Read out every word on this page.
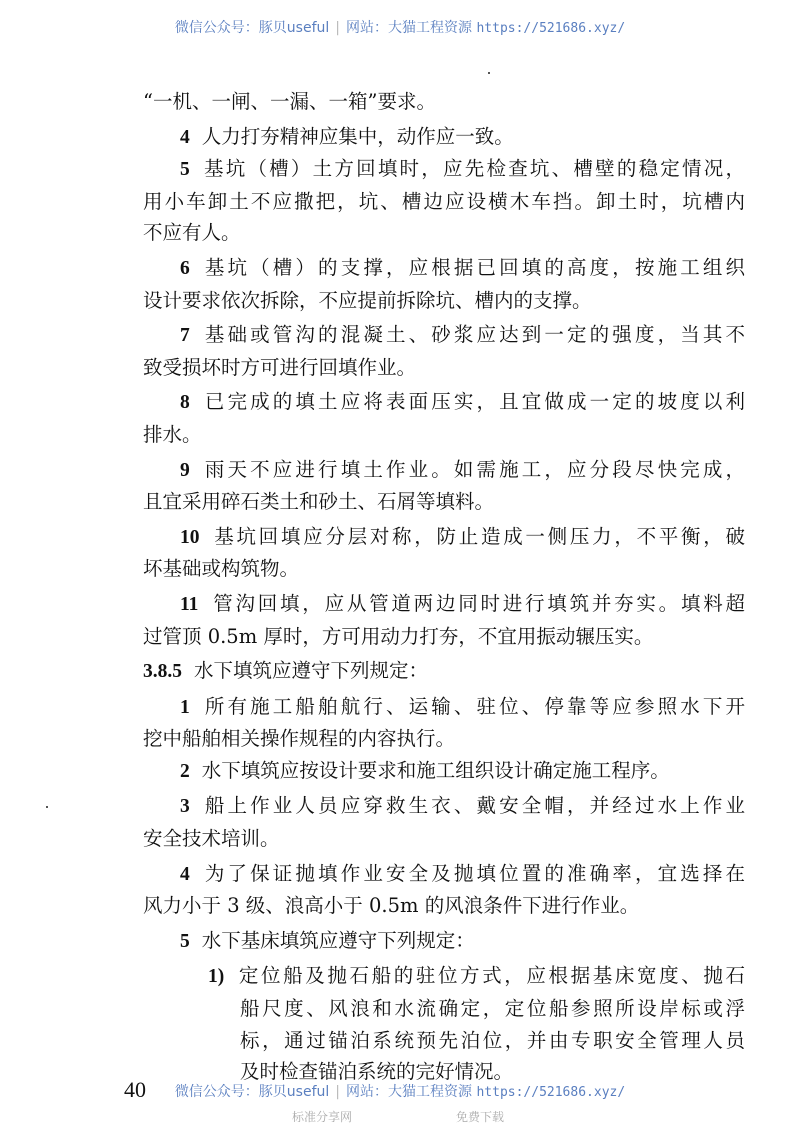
微信公众号：豚贝useful | 网站：大猫工程资源 https://521686.xyz/
“一机、一闸、一漏、一箱”要求。
4 人力打夯精神应集中，动作应一致。
5 基坑（槽）土方回填时，应先检查坑、槽壁的稳定情况，
用小车卸土不应撒把，坑、槽边应设横木车挡。卸土时，坑槽内
不应有人。
6 基坑（槽）的支撑，应根据已回填的高度，按施工组织
设计要求依次拆除，不应提前拆除坑、槽内的支撑。
7 基础或管沟的混凝土、砂浆应达到一定的强度，当其不
致受损坏时方可进行回填作业。
8 已完成的填土应将表面压实，且宜做成一定的坡度以利
排水。
9 雨天不应进行填土作业。如需施工，应分段尽快完成，
且宜采用碎石类土和砂土、石屑等填料。
10 基坑回填应分层对称，防止造成一侧压力，不平衡，破
坏基础或构筑物。
11 管沟回填，应从管道两边同时进行填筑并夯实。填料超
过管顶 0.5m 厚时，方可用动力打夯，不宜用振动辗压实。
3.8.5 水下填筑应遵守下列规定：
1 所有施工船舶航行、运输、驻位、停靠等应参照水下开
挖中船舶相关操作规程的内容执行。
2 水下填筑应按设计要求和施工组织设计确定施工程序。
3 船上作业人员应穿救生衣、戴安全帽，并经过水上作业
安全技术培训。
4 为了保证抛填作业安全及抛填位置的准确率，宜选择在
风力小于 3 级、浪高小于 0.5m 的风浪条件下进行作业。
5 水下基床填筑应遵守下列规定：
1) 定位船及抛石船的驻位方式，应根据基床宽度、抛石
船尺度、风浪和水流确定，定位船参照所设岸标或浮
标，通过锚泊系统预先泊位，并由专职安全管理人员
及时检查锚泊系统的完好情况。
微信公众号：豚贝useful | 网站：大猫工程资源 https://521686.xyz/
40
标准分享网	免费下载
